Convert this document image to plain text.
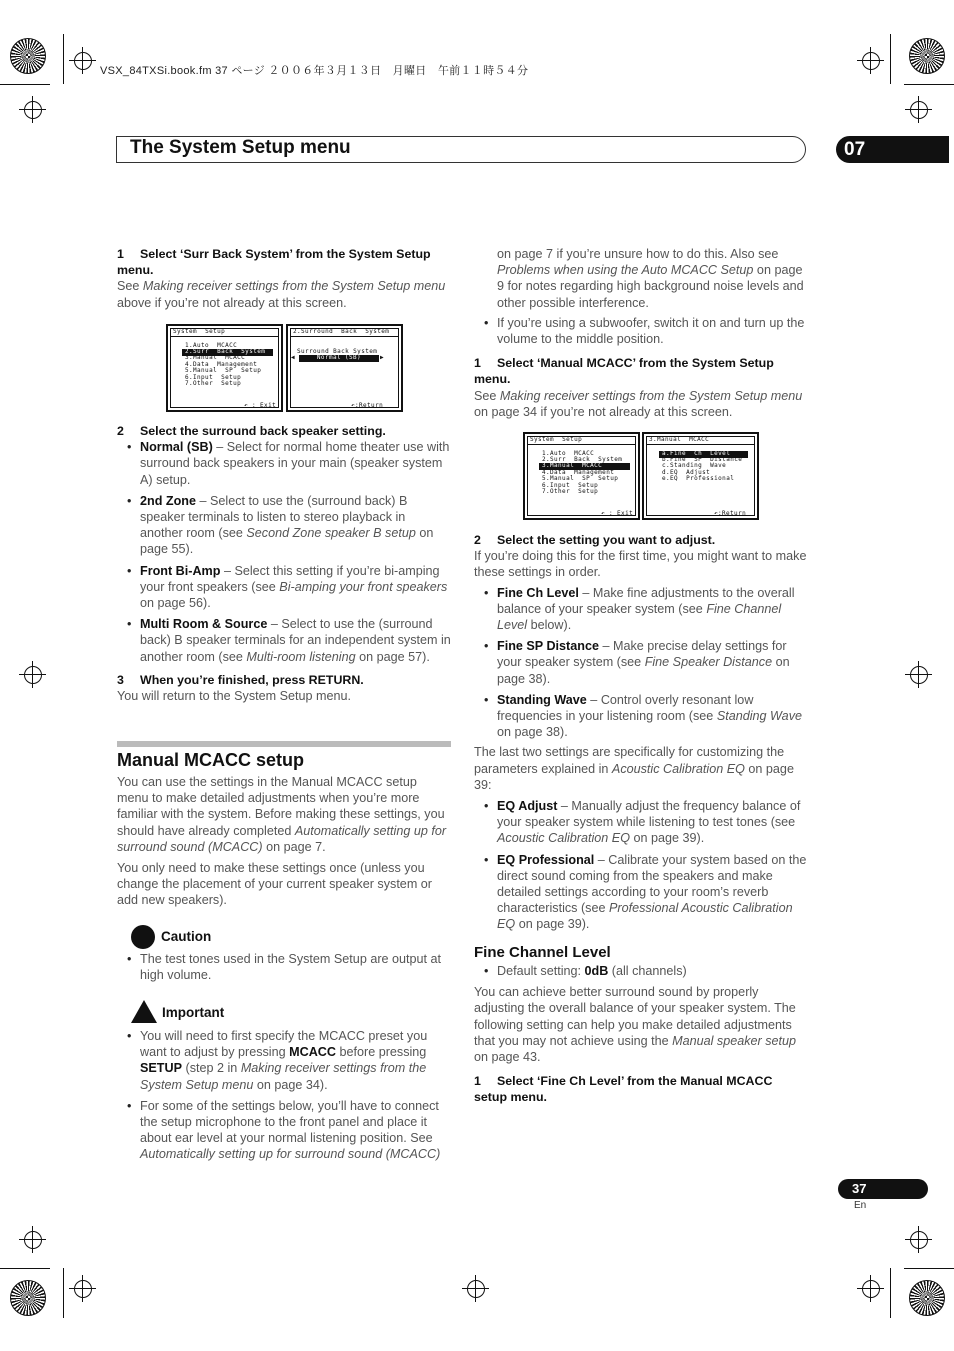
VSX_84TXSi.book.fm 37 ページ ２００６年３月１３日　月曜日　午前１１時５４分
The System Setup menu	07

1 Select ‘Surr Back System’ from the System Setup menu.

See Making receiver settings from the System Setup menu above if you’re not already at this screen.

System  Setup
1.Auto  MCACC
2.Surr  Back  System
3.Manual  MCACC
4.Data  Management
5.Manual  SP  Setup
6.Input  Setup
7.Other  Setup
↶ : Exit
2.Surround  Back  System
Surround Back System
◀	Normal (SB)	▶
↶:Return

2 Select the surround back speaker setting.

• Normal (SB) – Select for normal home theater use with surround back speakers in your main (speaker system A) setup.

• 2nd Zone – Select to use the (surround back) B speaker terminals to listen to stereo playback in another room (see Second Zone speaker B setup on page 55).

• Front Bi-Amp – Select this setting if you’re bi-amping your front speakers (see Bi-amping your front speakers on page 56).

• Multi Room & Source – Select to use the (surround back) B speaker terminals for an independent system in another room (see Multi-room listening on page 57).

3 When you’re finished, press RETURN.

You will return to the System Setup menu.

Manual MCACC setup

You can use the settings in the Manual MCACC setup menu to make detailed adjustments when you’re more familiar with the system. Before making these settings, you should have already completed Automatically setting up for surround sound (MCACC) on page 7.

You only need to make these settings once (unless you change the placement of your current speaker system or add new speakers).

Caution

• The test tones used in the System Setup are output at high volume.

Important

• You will need to first specify the MCACC preset you want to adjust by pressing MCACC before pressing SETUP (step 2 in Making receiver settings from the System Setup menu on page 34).

• For some of the settings below, you’ll have to connect the setup microphone to the front panel and place it about ear level at your normal listening position. See Automatically setting up for surround sound (MCACC)

on page 7 if you’re unsure how to do this. Also see Problems when using the Auto MCACC Setup on page 9 for notes regarding high background noise levels and other possible interference.

• If you’re using a subwoofer, switch it on and turn up the volume to the middle position.

1 Select ‘Manual MCACC’ from the System Setup menu.

See Making receiver settings from the System Setup menu on page 34 if you’re not already at this screen.

System  Setup
1.Auto  MCACC
2.Surr  Back  System
3.Manual  MCACC
4.Data  Management
5.Manual  SP  Setup
6.Input  Setup
7.Other  Setup
↶ : Exit
3.Manual  MCACC
a.Fine  Ch  Level
b.Fine  SP  Distance
c.Standing  Wave
d.EQ  Adjust
e.EQ  Professional
↶:Return

2 Select the setting you want to adjust.

If you’re doing this for the first time, you might want to make these settings in order.

• Fine Ch Level – Make fine adjustments to the overall balance of your speaker system (see Fine Channel Level below).

• Fine SP Distance – Make precise delay settings for your speaker system (see Fine Speaker Distance on page 38).

• Standing Wave – Control overly resonant low frequencies in your listening room (see Standing Wave on page 38).

The last two settings are specifically for customizing the parameters explained in Acoustic Calibration EQ on page 39:

• EQ Adjust – Manually adjust the frequency balance of your speaker system while listening to test tones (see Acoustic Calibration EQ on page 39).

• EQ Professional – Calibrate your system based on the direct sound coming from the speakers and make detailed settings according to your room’s reverb characteristics (see Professional Acoustic Calibration EQ on page 39).

Fine Channel Level

• Default setting: 0dB (all channels)

You can achieve better surround sound by properly adjusting the overall balance of your speaker system. The following setting can help you make detailed adjustments that you may not achieve using the Manual speaker setup on page 43.

1 Select ‘Fine Ch Level’ from the Manual MCACC setup menu.

37
En
